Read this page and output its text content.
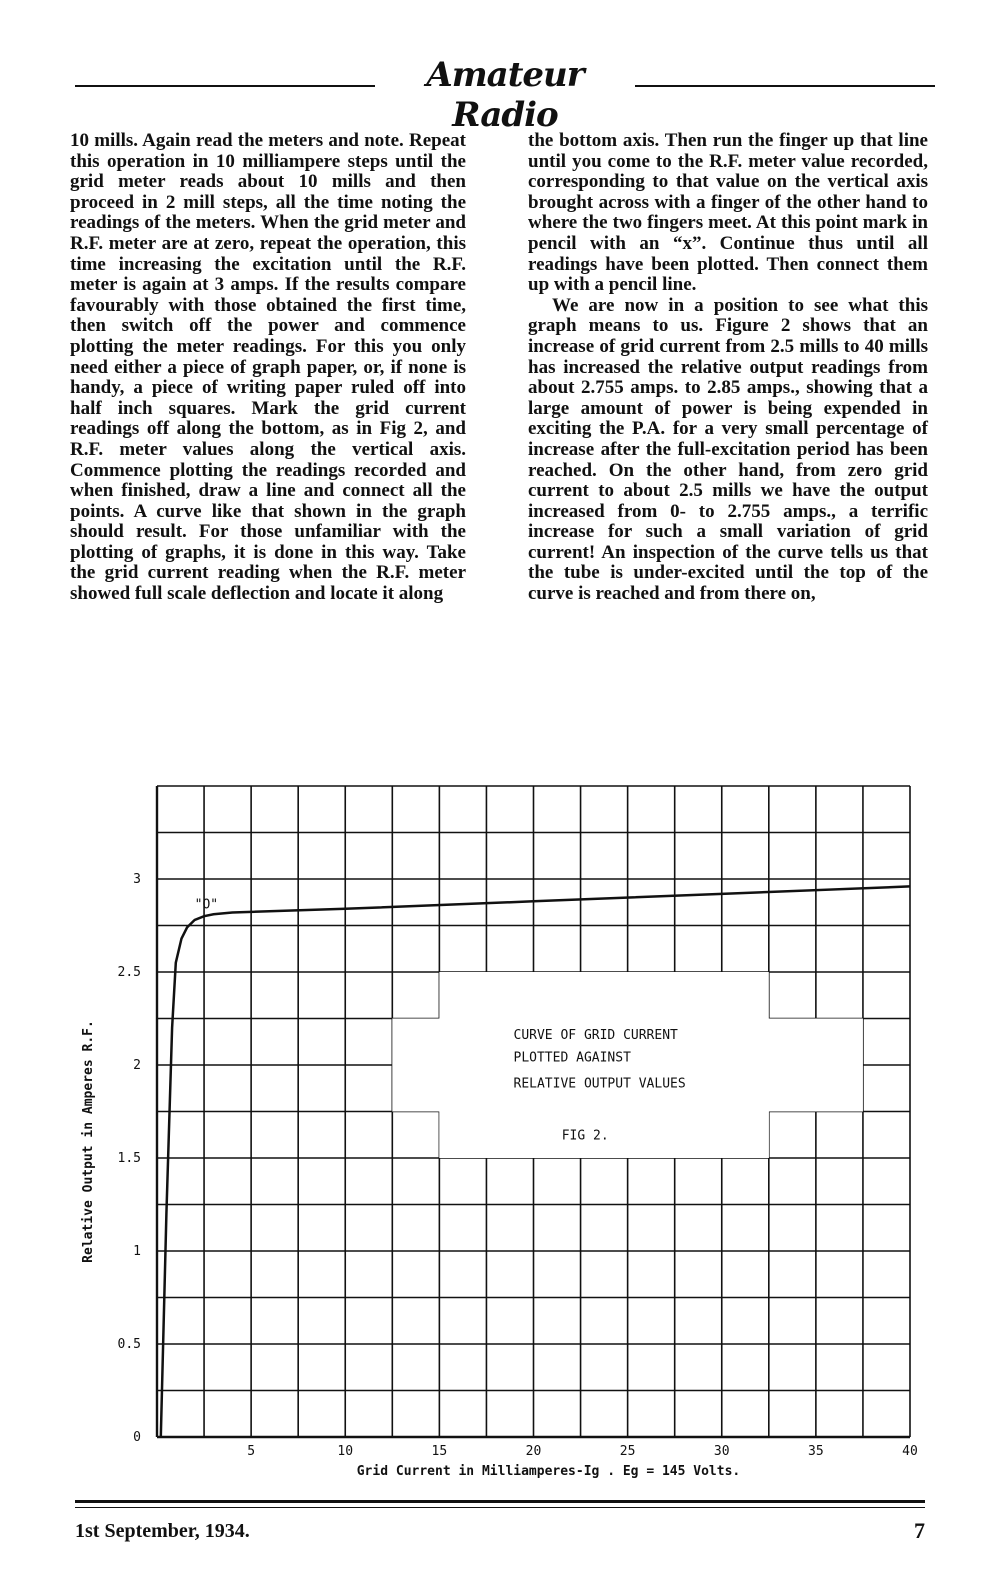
Amateur Radio

10 mills. Again read the meters and note. Repeat this operation in 10 milliampere steps until the grid meter reads about 10 mills and then proceed in 2 mill steps, all the time noting the readings of the meters. When the grid meter and R.F. meter are at zero, repeat the operation, this time increasing the excitation until the R.F. meter is again at 3 amps. If the results compare favourably with those obtained the first time, then switch off the power and commence plotting the meter readings. For this you only need either a piece of graph paper, or, if none is handy, a piece of writing paper ruled off into half inch squares. Mark the grid current readings off along the bottom, as in Fig 2, and R.F. meter values along the vertical axis. Commence plotting the readings recorded and when finished, draw a line and connect all the points. A curve like that shown in the graph should result. For those unfamiliar with the plotting of graphs, it is done in this way. Take the grid current reading when the R.F. meter showed full scale deflection and locate it along

the bottom axis. Then run the finger up that line until you come to the R.F. meter value recorded, corresponding to that value on the vertical axis brought across with a finger of the other hand to where the two fingers meet. At this point mark in pencil with an “x”. Continue thus until all readings have been plotted. Then connect them up with a pencil line.

We are now in a position to see what this graph means to us. Figure 2 shows that an increase of grid current from 2.5 mills to 40 mills has increased the relative output readings from about 2.755 amps. to 2.85 amps., showing that a large amount of power is being expended in exciting the P.A. for a very small percentage of increase after the full-excitation period has been reached. On the other hand, from zero grid current to about 2.5 mills we have the output increased from 0- to 2.755 amps., a terrific increase for such a small variation of grid current! An inspection of the curve tells us that the tube is under-excited until the top of the curve is reached and from there on,

5	10	15	20	25	30	35	40
0
0.5
1
1.5
2
2.5
3
"O"
CURVE OF GRID CURRENT
PLOTTED AGAINST
RELATIVE OUTPUT VALUES
FIG 2.
Grid Current in Milliamperes-Ig . Eg = 145 Volts.
Relative Output in Amperes R.F.
1st September, 1934.	7
